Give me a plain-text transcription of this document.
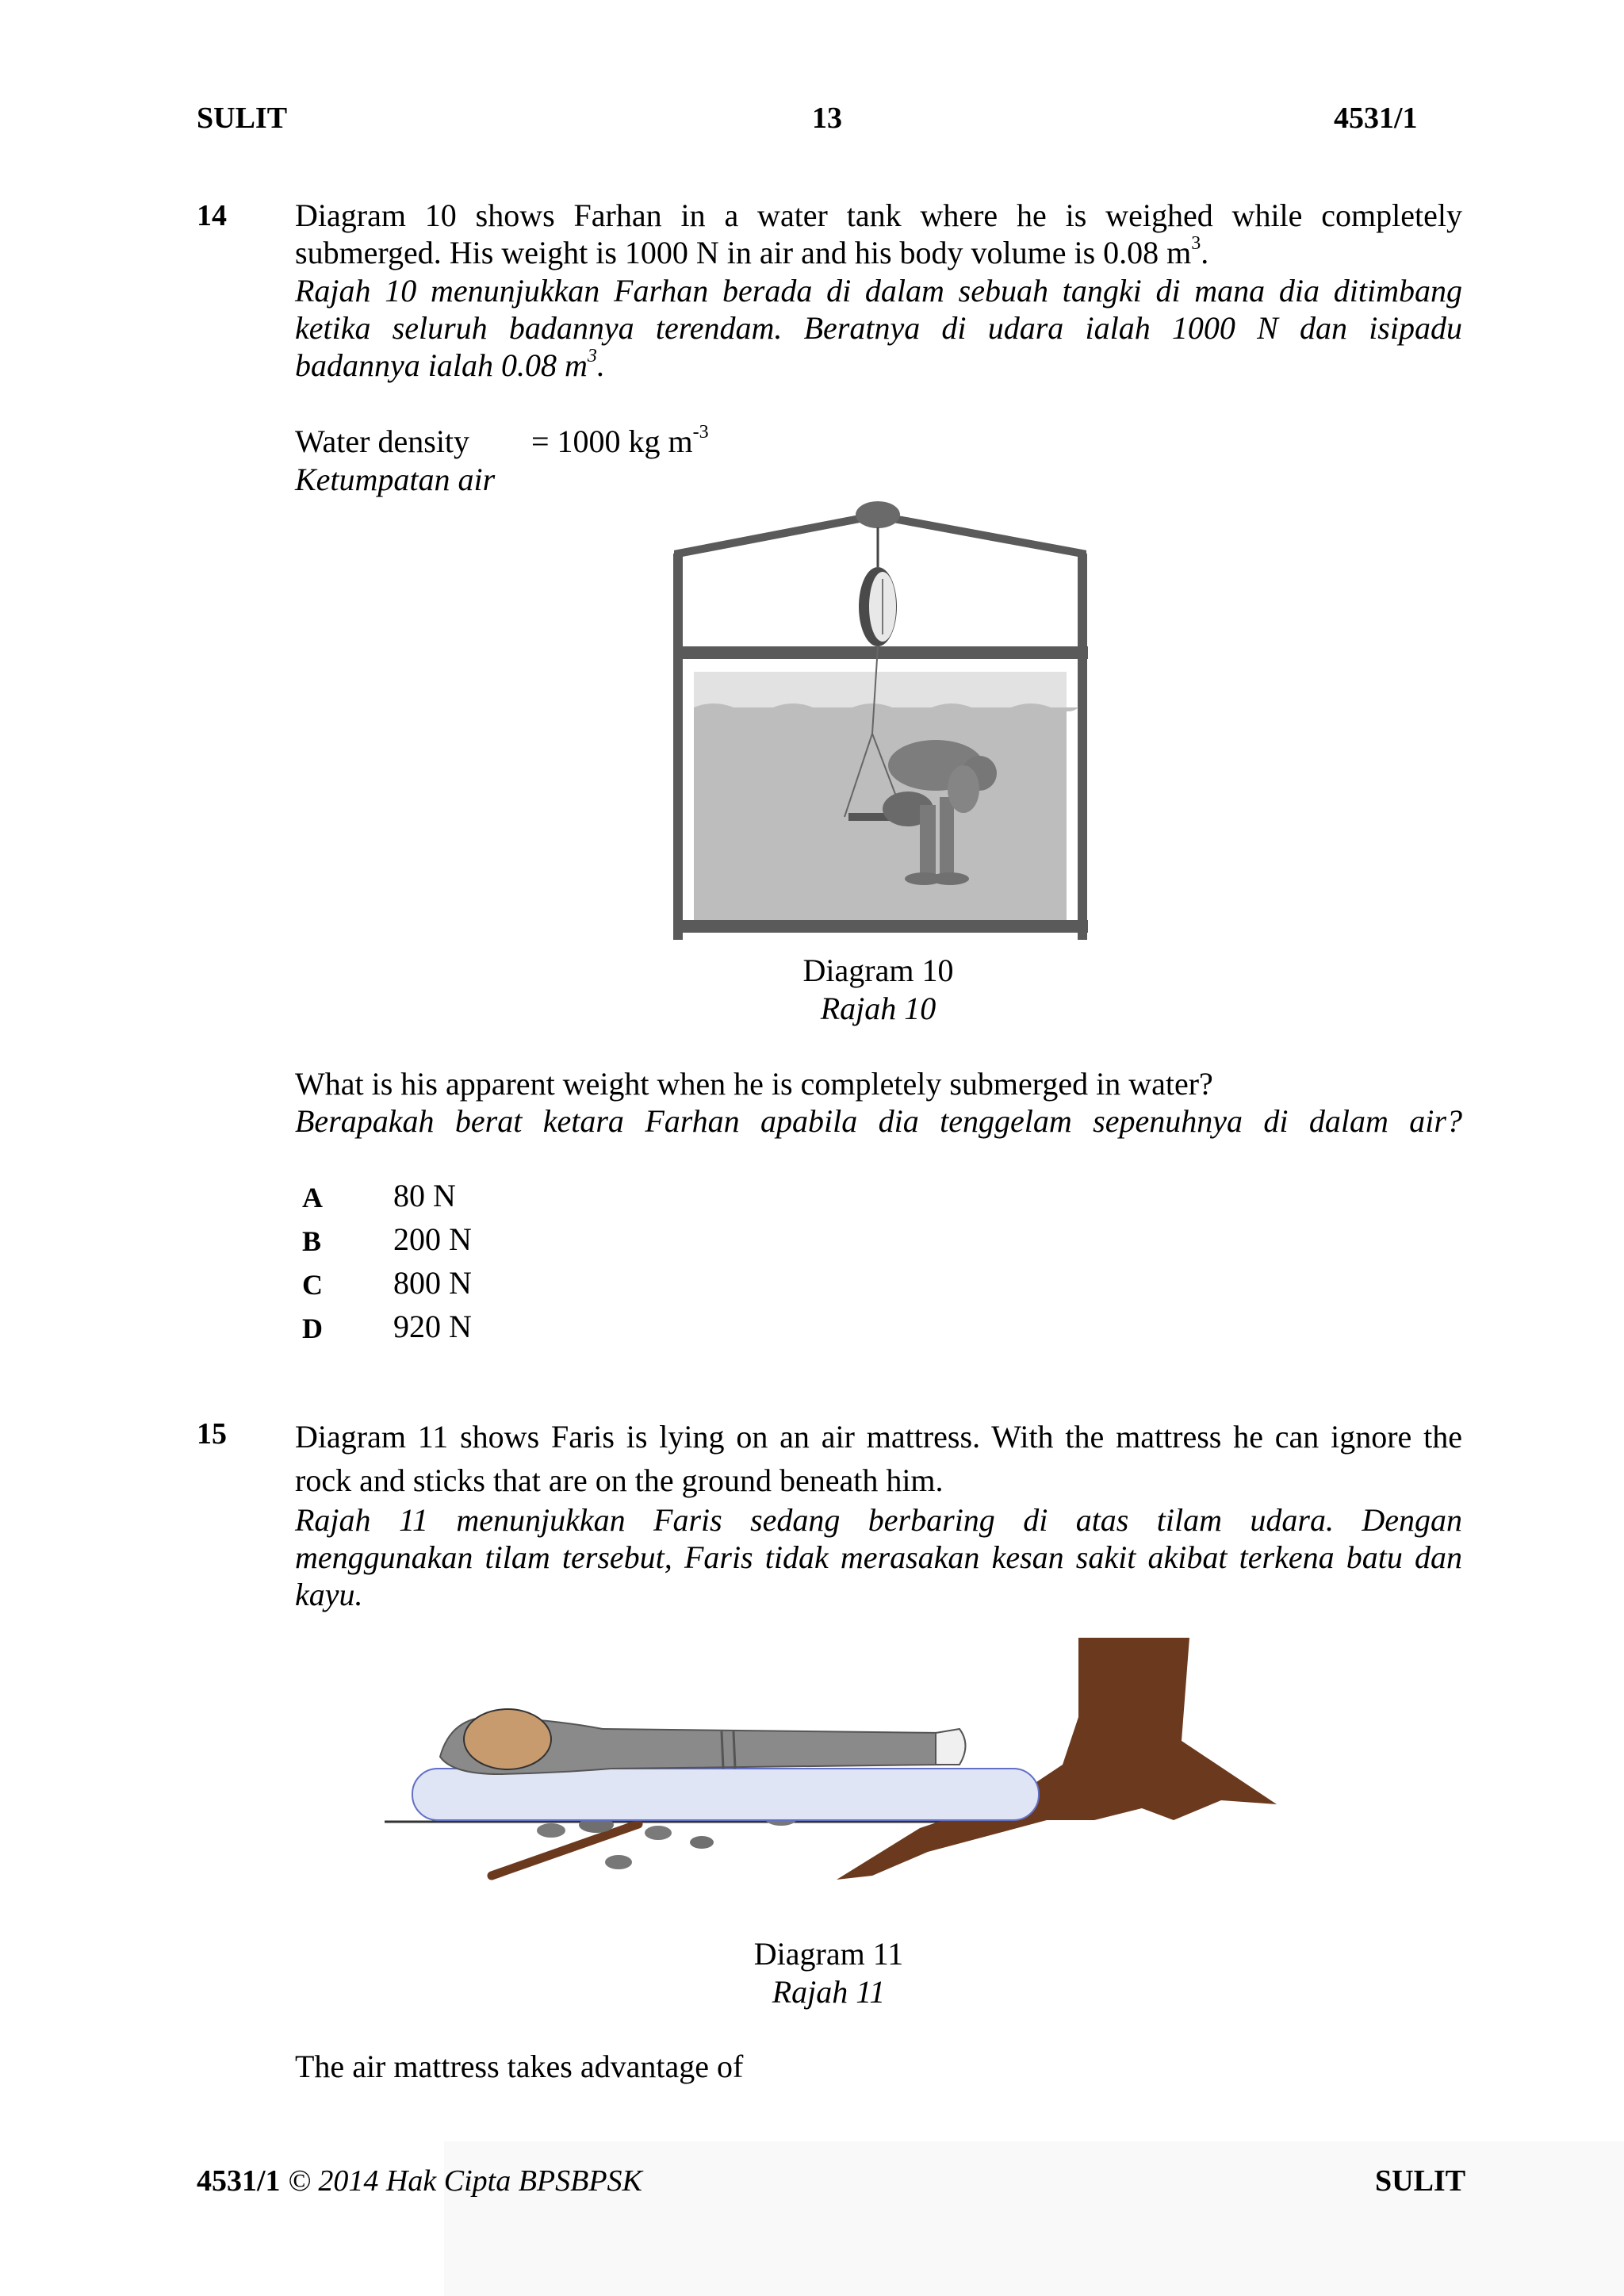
SULIT	13	4531/1
14 Diagram 10 shows Farhan in a water tank where he is weighed while completely
submerged. His weight is 1000 N in air and his body volume is 0.08 $m^3$.
Rajah 10 menunjukkan Farhan berada di dalam sebuah tangki di mana dia ditimbang
ketika seluruh badannya terendam. Beratnya di udara ialah 1000 N dan isipadu
badannya ialah 0.08 $m^3$.
Water density = 1000 kg $m^{-3}$
Ketumpatan air
Diagram 10
Rajah 10
What is his apparent weight when he is completely submerged in water?
Berapakah berat ketara Farhan apabila dia tenggelam sepenuhnya di dalam air?
A 80 N
B 200 N
C 800 N
D 920 N
15 Diagram 11 shows Faris is lying on an air mattress. With the mattress he can ignore the
rock and sticks that are on the ground beneath him.
Rajah 11 menunjukkan Faris sedang berbaring di atas tilam udara. Dengan
menggunakan tilam tersebut, Faris tidak merasakan kesan sakit akibat terkena batu dan
kayu.
Diagram 11
Rajah 11
The air mattress takes advantage of
4531/1 © 2014 Hak Cipta BPSBPSK	SULIT
